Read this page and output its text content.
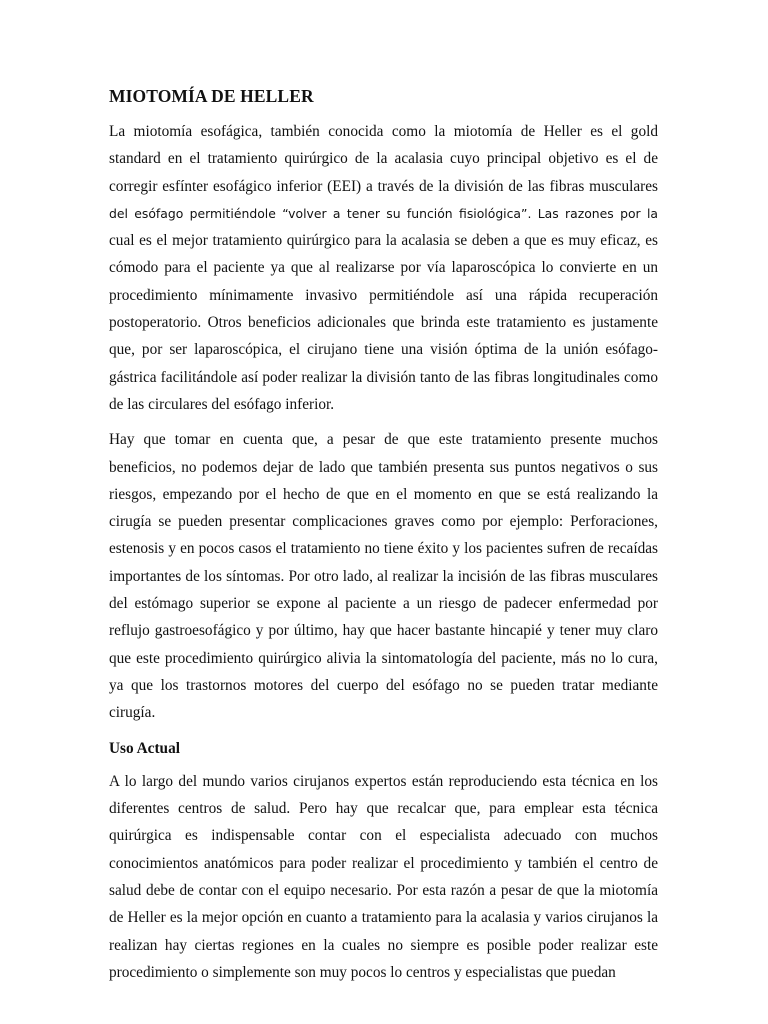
MIOTOMÍA DE HELLER

La miotomía esofágica, también conocida como la miotomía de Heller es el gold standard en el tratamiento quirúrgico de la acalasia cuyo principal objetivo es el de corregir esfínter esofágico inferior (EEI) a través de la división de las fibras musculares del esófago permitiéndole “volver a tener su función fisiológica”. Las razones por la cual es el mejor tratamiento quirúrgico para la acalasia se deben a que es muy eficaz, es cómodo para el paciente ya que al realizarse por vía laparoscópica lo convierte en un procedimiento mínimamente invasivo permitiéndole así una rápida recuperación postoperatorio. Otros beneficios adicionales que brinda este tratamiento es justamente que, por ser laparoscópica, el cirujano tiene una visión óptima de la unión esófago-gástrica facilitándole así poder realizar la división tanto de las fibras longitudinales como de las circulares del esófago inferior.

Hay que tomar en cuenta que, a pesar de que este tratamiento presente muchos beneficios, no podemos dejar de lado que también presenta sus puntos negativos o sus riesgos, empezando por el hecho de que en el momento en que se está realizando la cirugía se pueden presentar complicaciones graves como por ejemplo: Perforaciones, estenosis y en pocos casos el tratamiento no tiene éxito y los pacientes sufren de recaídas importantes de los síntomas. Por otro lado, al realizar la incisión de las fibras musculares del estómago superior se expone al paciente a un riesgo de padecer enfermedad por reflujo gastroesofágico y por último, hay que hacer bastante hincapié y tener muy claro que este procedimiento quirúrgico alivia la sintomatología del paciente, más no lo cura, ya que los trastornos motores del cuerpo del esófago no se pueden tratar mediante cirugía.

Uso Actual

A lo largo del mundo varios cirujanos expertos están reproduciendo esta técnica en los diferentes centros de salud. Pero hay que recalcar que, para emplear esta técnica quirúrgica es indispensable contar con el especialista adecuado con muchos conocimientos anatómicos para poder realizar el procedimiento y también el centro de salud debe de contar con el equipo necesario. Por esta razón a pesar de que la miotomía de Heller es la mejor opción en cuanto a tratamiento para la acalasia y varios cirujanos la realizan hay ciertas regiones en la cuales no siempre es posible poder realizar este procedimiento o simplemente son muy pocos lo centros y especialistas que puedan
